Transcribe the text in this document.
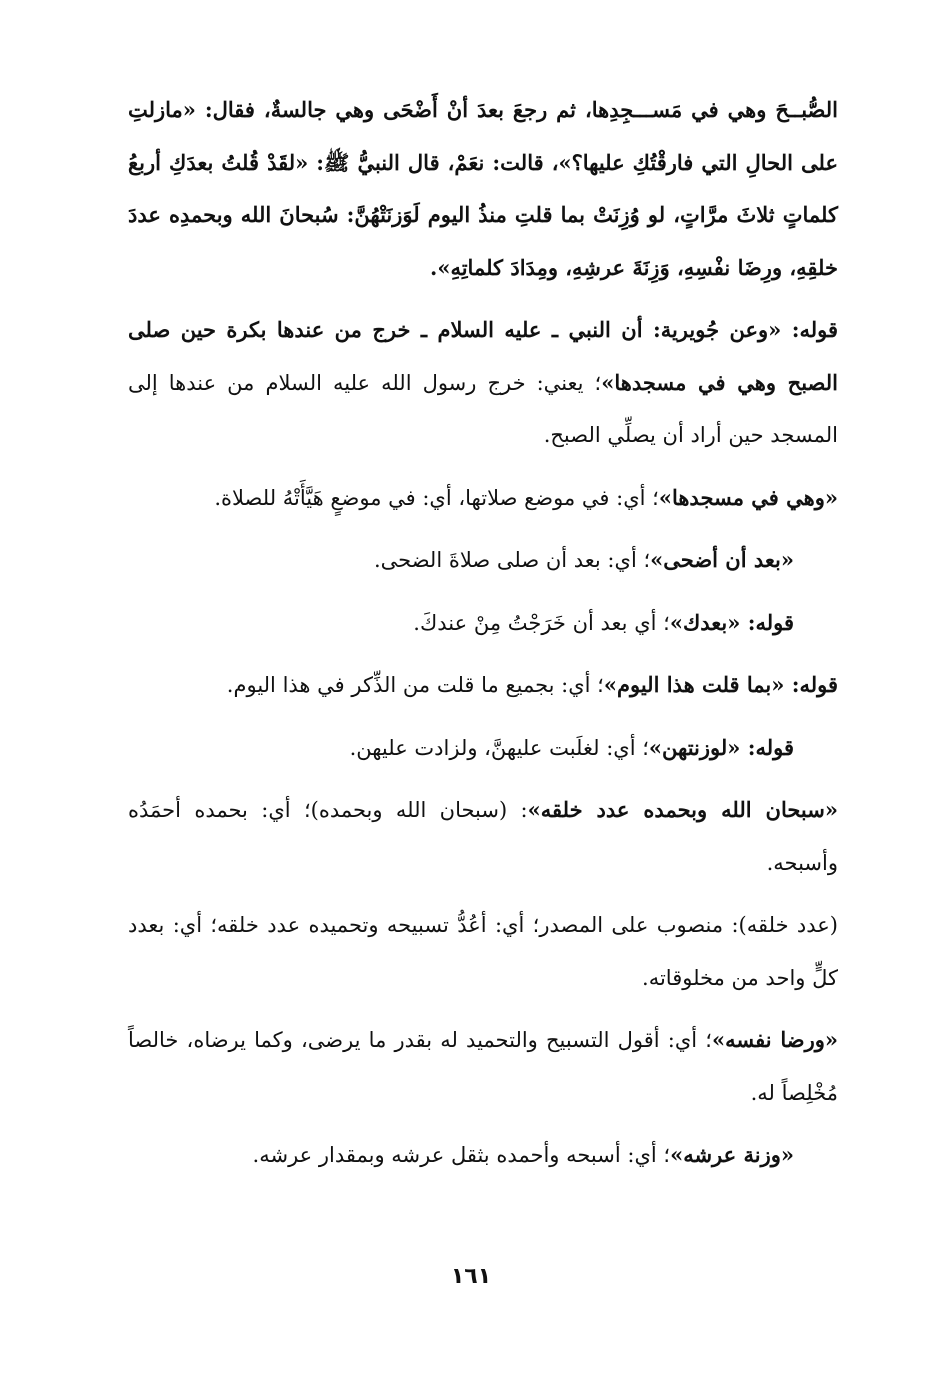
الصُّبــحَ وهي في مَســـجِدِها، ثم رجعَ بعدَ أنْ أَضْحَى وهي جالسةٌ، فقال: «مازلتِ على الحالِ التي فارقْتُكِ عليها؟»، قالت: نعَمْ، قال النبيُّ ﷺ: «لقَدْ قُلتُ بعدَكِ أربعُ كلماتٍ ثلاثَ مرَّاتٍ، لو وُزِنَتْ بما قلتِ منذُ اليوم لَوَزنَتْهُنَّ: سُبحانَ الله وبحمدِه عددَ خلقِهِ، ورِضَا نفْسِهِ، وَزِنَةَ عرشِهِ، ومِدَادَ كلماتِهِ».

قوله: «وعن جُويرية: أن النبي ـ عليه السلام ـ خرج من عندها بكرة حين صلى الصبح وهي في مسجدها»؛ يعني: خرج رسول الله عليه السلام من عندها إلى المسجد حين أراد أن يصلِّي الصبح.

«وهي في مسجدها»؛ أي: في موضع صلاتها، أي: في موضعٍ هَيَّأَتْهُ للصلاة.

«بعد أن أضحى»؛ أي: بعد أن صلى صلاةَ الضحى.

قوله: «بعدك»؛ أي بعد أن خَرَجْتُ مِنْ عندكَ.

قوله: «بما قلت هذا اليوم»؛ أي: بجميع ما قلت من الذِّكر في هذا اليوم.

قوله: «لوزنتهن»؛ أي: لغلَبت عليهنَّ، ولزادت عليهن.

«سبحان الله وبحمده عدد خلقه»: (سبحان الله وبحمده)؛ أي: بحمده أحمَدُه وأسبحه.

(عدد خلقه): منصوب على المصدر؛ أي: أعُدُّ تسبيحه وتحميده عدد خلقه؛ أي: بعدد كلٍّ واحد من مخلوقاته.

«ورضا نفسه»؛ أي: أقول التسبيح والتحميد له بقدر ما يرضى، وكما يرضاه، خالصاً مُخْلِصاً له.

«وزنة عرشه»؛ أي: أسبحه وأحمده بثقل عرشه وبمقدار عرشه.

١٦١
